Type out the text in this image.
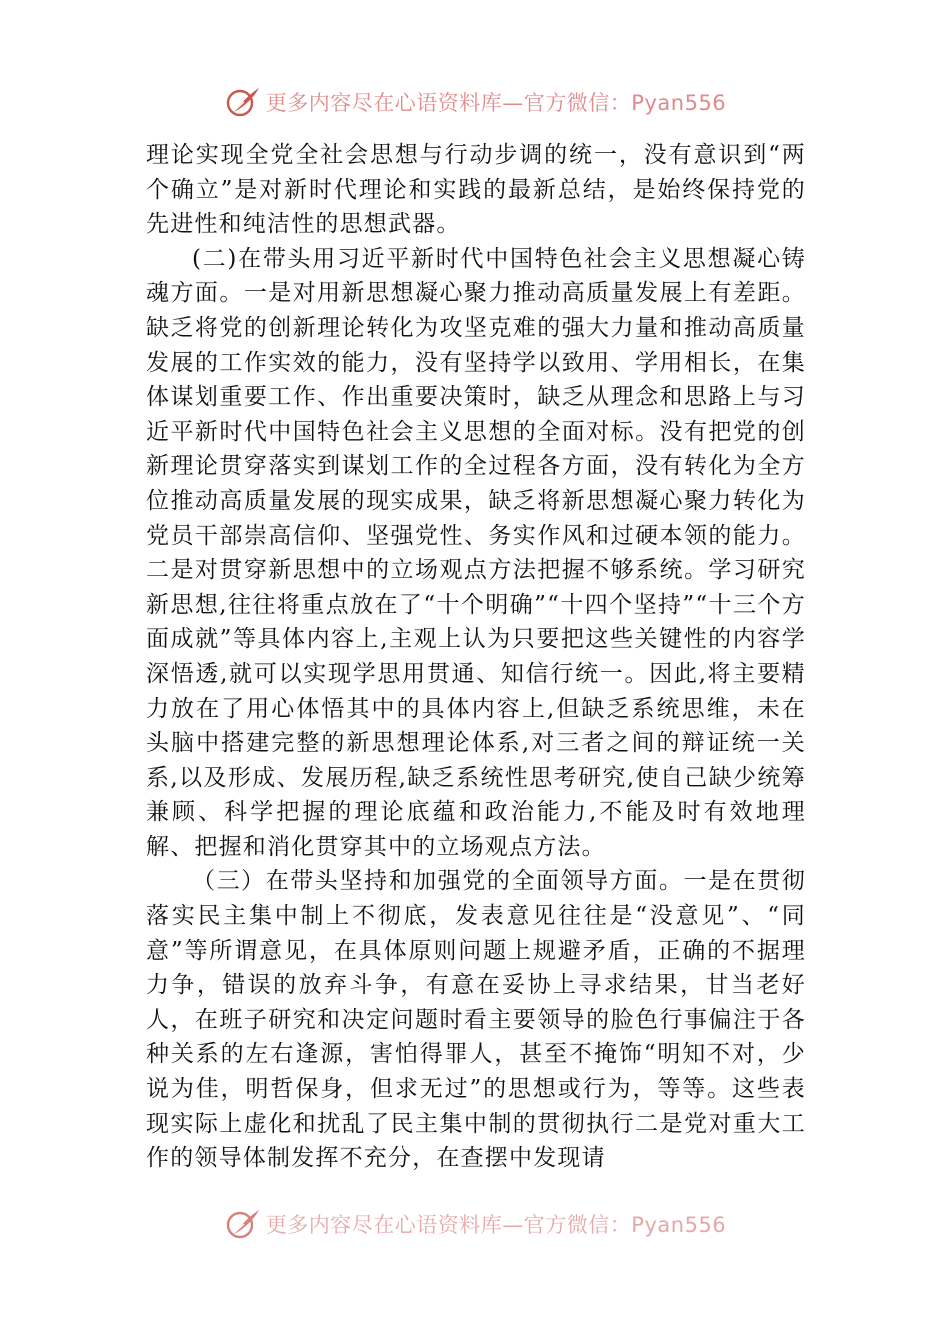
更多内容尽在心语资料库—官方微信：Pyan556

理论实现全党全社会思想与行动步调的统一，没有意识到“两个确立”是对新时代理论和实践的最新总结，是始终保持党的先进性和纯洁性的思想武器。

(二)在带头用习近平新时代中国特色社会主义思想凝心铸魂方面。一是对用新思想凝心聚力推动高质量发展上有差距。缺乏将党的创新理论转化为攻坚克难的强大力量和推动高质量发展的工作实效的能力，没有坚持学以致用、学用相长，在集体谋划重要工作、作出重要决策时，缺乏从理念和思路上与习近平新时代中国特色社会主义思想的全面对标。没有把党的创新理论贯穿落实到谋划工作的全过程各方面，没有转化为全方位推动高质量发展的现实成果，缺乏将新思想凝心聚力转化为党员干部崇高信仰、坚强党性、务实作风和过硬本领的能力。二是对贯穿新思想中的立场观点方法把握不够系统。学习研究新思想,往往将重点放在了“十个明确”“十四个坚持”“十三个方面成就”等具体内容上,主观上认为只要把这些关键性的内容学深悟透,就可以实现学思用贯通、知信行统一。因此,将主要精力放在了用心体悟其中的具体内容上,但缺乏系统思维，未在头脑中搭建完整的新思想理论体系,对三者之间的辩证统一关系,以及形成、发展历程,缺乏系统性思考研究,使自己缺少统筹兼顾、科学把握的理论底蕴和政治能力,不能及时有效地理解、把握和消化贯穿其中的立场观点方法。

（三）在带头坚持和加强党的全面领导方面。一是在贯彻落实民主集中制上不彻底，发表意见往往是“没意见”、“同意”等所谓意见，在具体原则问题上规避矛盾，正确的不据理力争，错误的放弃斗争，有意在妥协上寻求结果，甘当老好人，在班子研究和决定问题时看主要领导的脸色行事偏注于各种关系的左右逢源，害怕得罪人，甚至不掩饰“明知不对，少说为佳，明哲保身，但求无过”的思想或行为，等等。这些表现实际上虚化和扰乱了民主集中制的贯彻执行二是党对重大工作的领导体制发挥不充分，在查摆中发现请

更多内容尽在心语资料库—官方微信：Pyan556
